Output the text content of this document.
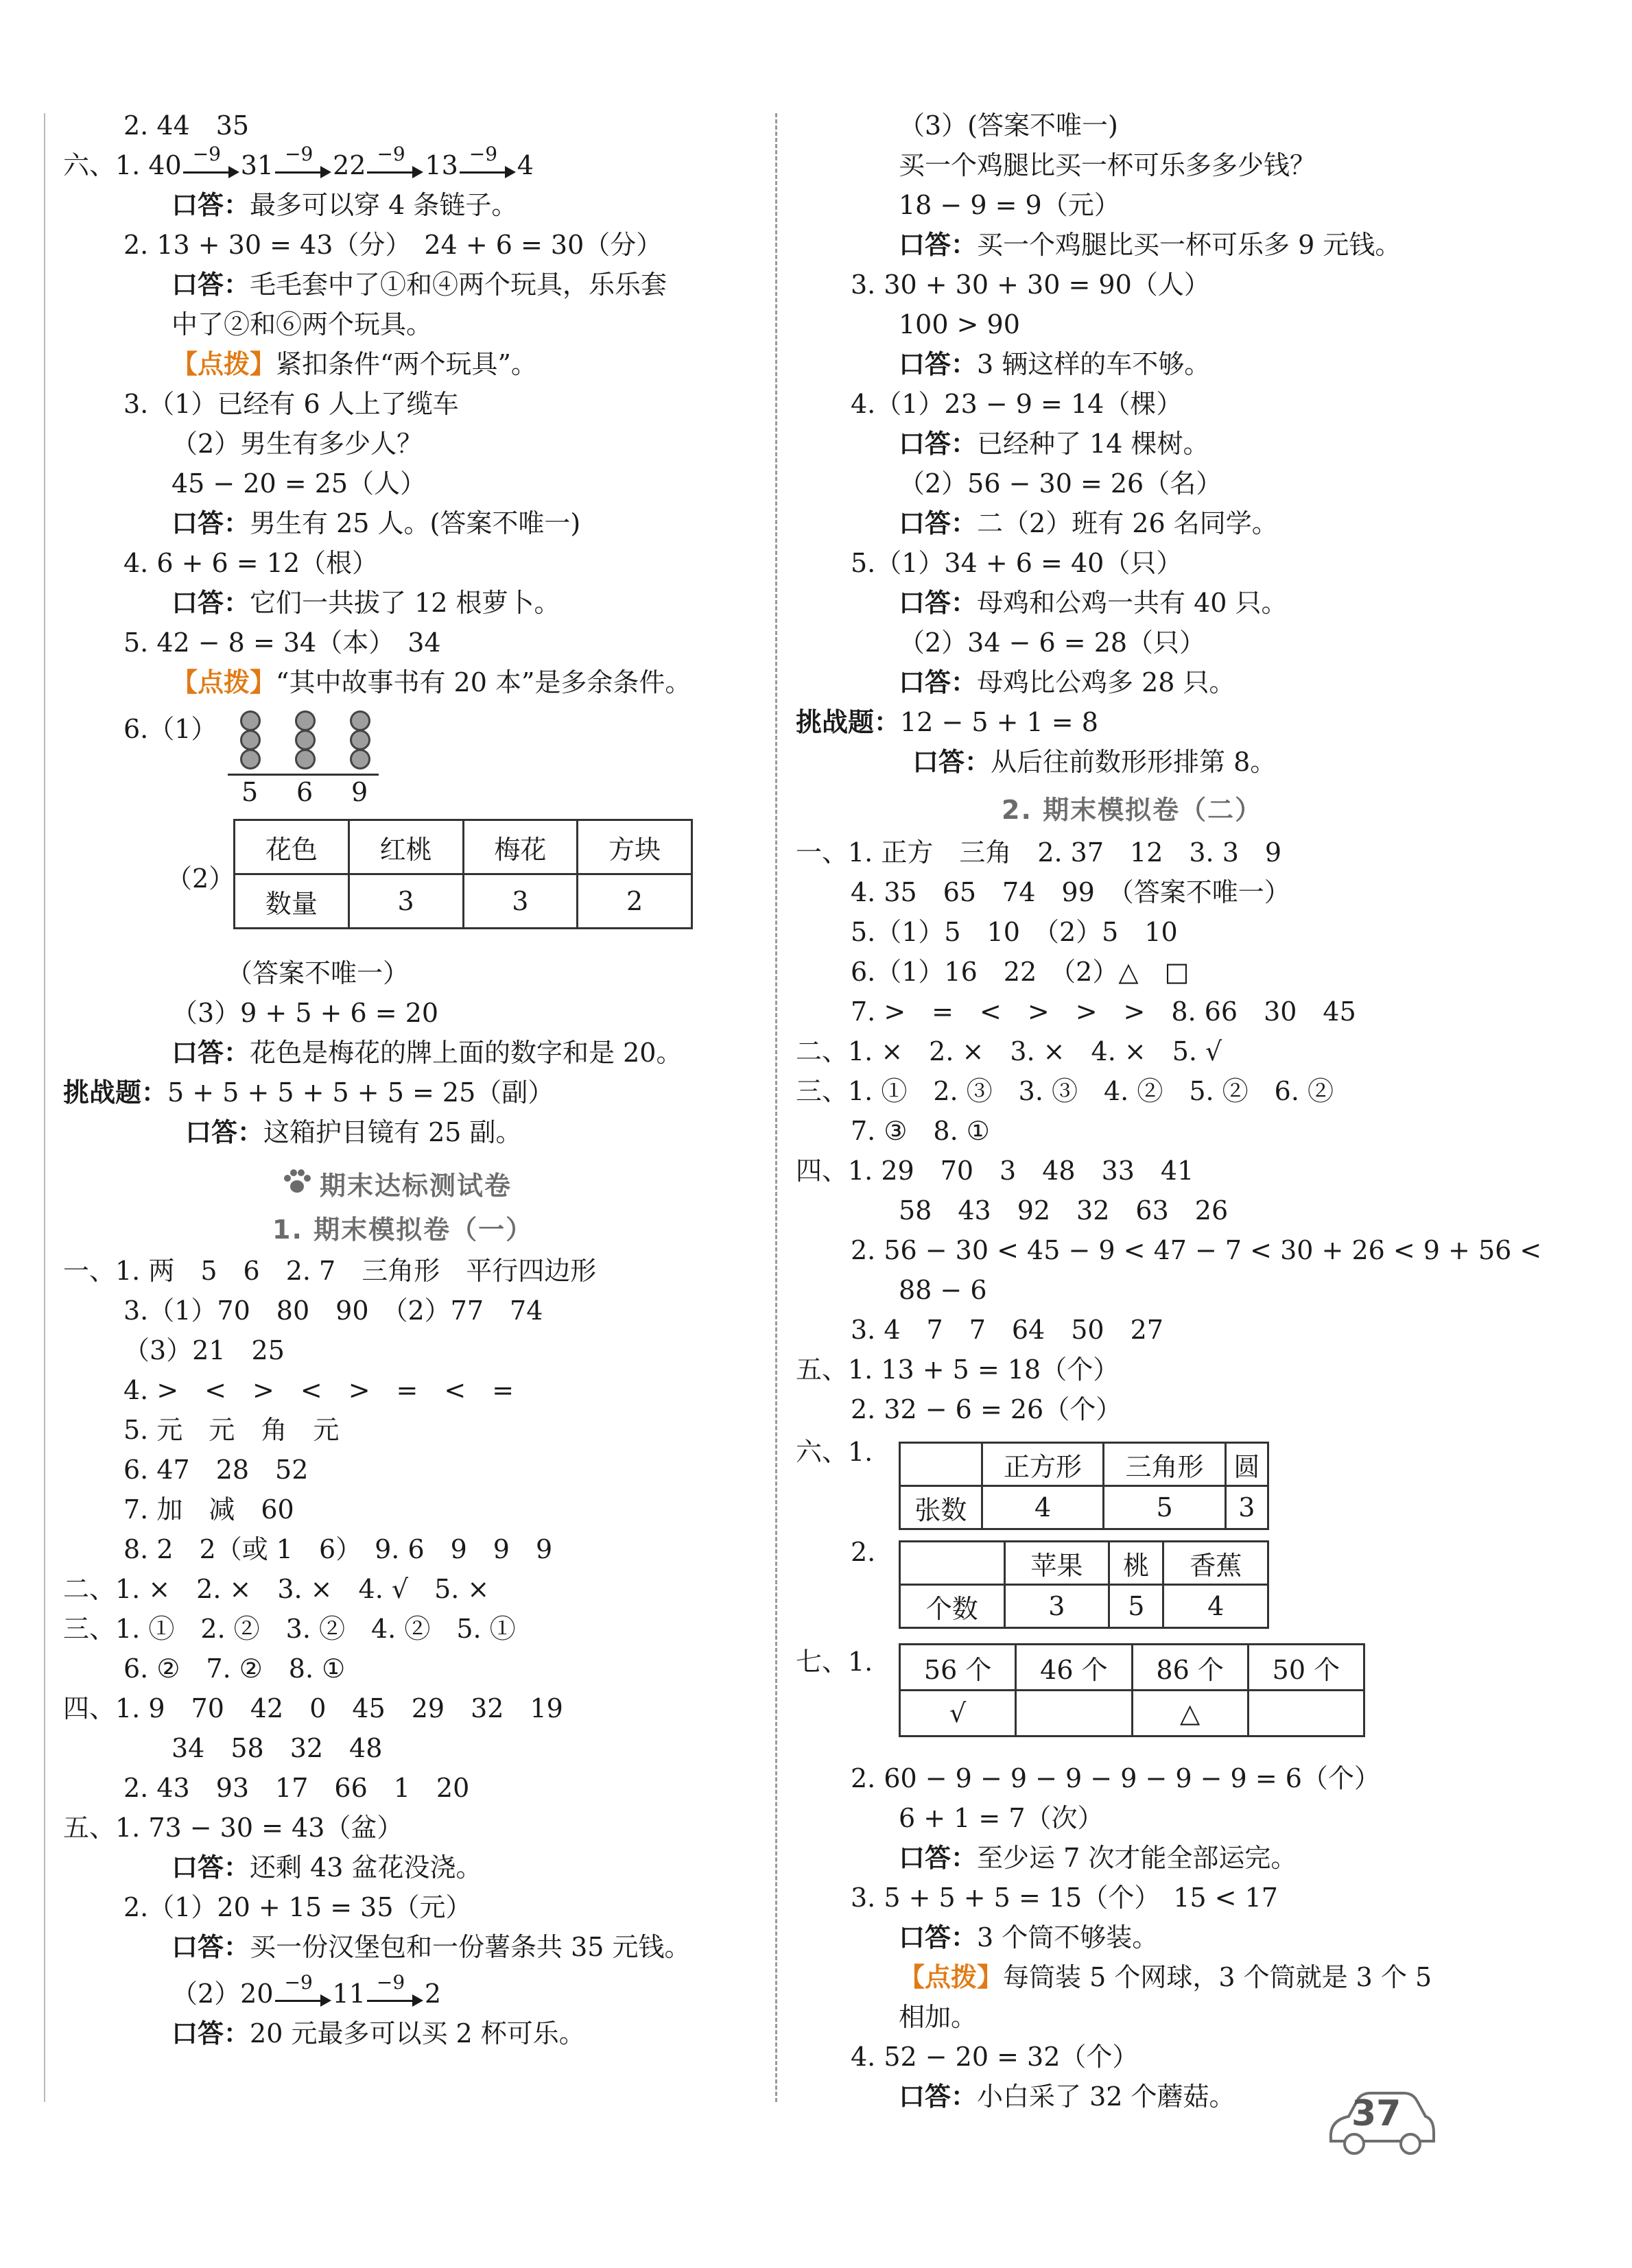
2. 44　35
六、1. 40 −9 31 −9 22 −9 13 −9 4
口答：最多可以穿 4 条链子。
2. 13 + 30 = 43（分）　24 + 6 = 30（分）
口答：毛毛套中了①和④两个玩具，乐乐套
中了②和⑥两个玩具。
【点拨】紧扣条件“两个玩具”。
3.（1）已经有 6 人上了缆车
（2）男生有多少人？
45 − 20 = 25（人）
口答：男生有 25 人。(答案不唯一)
4. 6 + 6 = 12（根）
口答：它们一共拔了 12 根萝卜。
5. 42 − 8 = 34（本）　34
【点拨】“其中故事书有 20 本”是多余条件。
6.（1）
5 6 9
（2）
花色	红桃	梅花	方块
数量	3	3	2
（答案不唯一）
（3）9 + 5 + 6 = 20
口答：花色是梅花的牌上面的数字和是 20。
挑战题：5 + 5 + 5 + 5 + 5 = 25（副）
口答：这箱护目镜有 25 副。
期末达标测试卷
1. 期末模拟卷（一）
一、1. 两　5　6　2. 7　三角形　平行四边形
3.（1）70　80　90　（2）77　74
（3）21　25
4. >　<　>　<　>　=　<　=
5. 元　元　角　元
6. 47　28　52
7. 加　减　60
8. 2　2（或 1　6）　9. 6　9　9　9
二、1. ×　2. ×　3. ×　4. √　5. ×
三、1. ①　2. ②　3. ②　4. ②　5. ①
6. ②　7. ②　8. ①
四、1. 9　70　42　0　45　29　32　19
34　58　32　48
2. 43　93　17　66　1　20
五、1. 73 − 30 = 43（盆）
口答：还剩 43 盆花没浇。
2.（1）20 + 15 = 35（元）
口答：买一份汉堡包和一份薯条共 35 元钱。
（2）20 −9 11 −9 2
口答：20 元最多可以买 2 杯可乐。
（3）(答案不唯一)
买一个鸡腿比买一杯可乐多多少钱？
18 − 9 = 9（元）
口答：买一个鸡腿比买一杯可乐多 9 元钱。
3. 30 + 30 + 30 = 90（人）
100 > 90
口答：3 辆这样的车不够。
4.（1）23 − 9 = 14（棵）
口答：已经种了 14 棵树。
（2）56 − 30 = 26（名）
口答：二（2）班有 26 名同学。
5.（1）34 + 6 = 40（只）
口答：母鸡和公鸡一共有 40 只。
（2）34 − 6 = 28（只）
口答：母鸡比公鸡多 28 只。
挑战题：12 − 5 + 1 = 8
口答：从后往前数形形排第 8。
2. 期末模拟卷（二）
一、1. 正方　三角　2. 37　12　3. 3　9
4. 35　65　74　99　（答案不唯一）
5.（1）5　10　（2）5　10
6.（1）16　22　（2）△　□
7. >　=　<　>　>　>　8. 66　30　45
二、1. ×　2. ×　3. ×　4. ×　5. √
三、1. ①　2. ③　3. ③　4. ②　5. ②　6. ②
7. ③　8. ①
四、1. 29　70　3　48　33　41
58　43　92　32　63　26
2. 56 − 30 < 45 − 9 < 47 − 7 < 30 + 26 < 9 + 56 <
88 − 6
3. 4　7　7　64　50　27
五、1. 13 + 5 = 18（个）
2. 32 − 6 = 26（个）
六、1.
		正方形	三角形	圆
张数	4	5	3
2.
		苹果	桃	香蕉
个数	3	5	4
七、1. 56 个	46 个	86 个	50 个
√		△	
2. 60 − 9 − 9 − 9 − 9 − 9 − 9 = 6（个）
6 + 1 = 7（次）
口答：至少运 7 次才能全部运完。
3. 5 + 5 + 5 = 15（个）　15 < 17
口答：3 个筒不够装。
【点拨】每筒装 5 个网球，3 个筒就是 3 个 5
相加。
4. 52 − 20 = 32（个）
口答：小白采了 32 个蘑菇。	37
